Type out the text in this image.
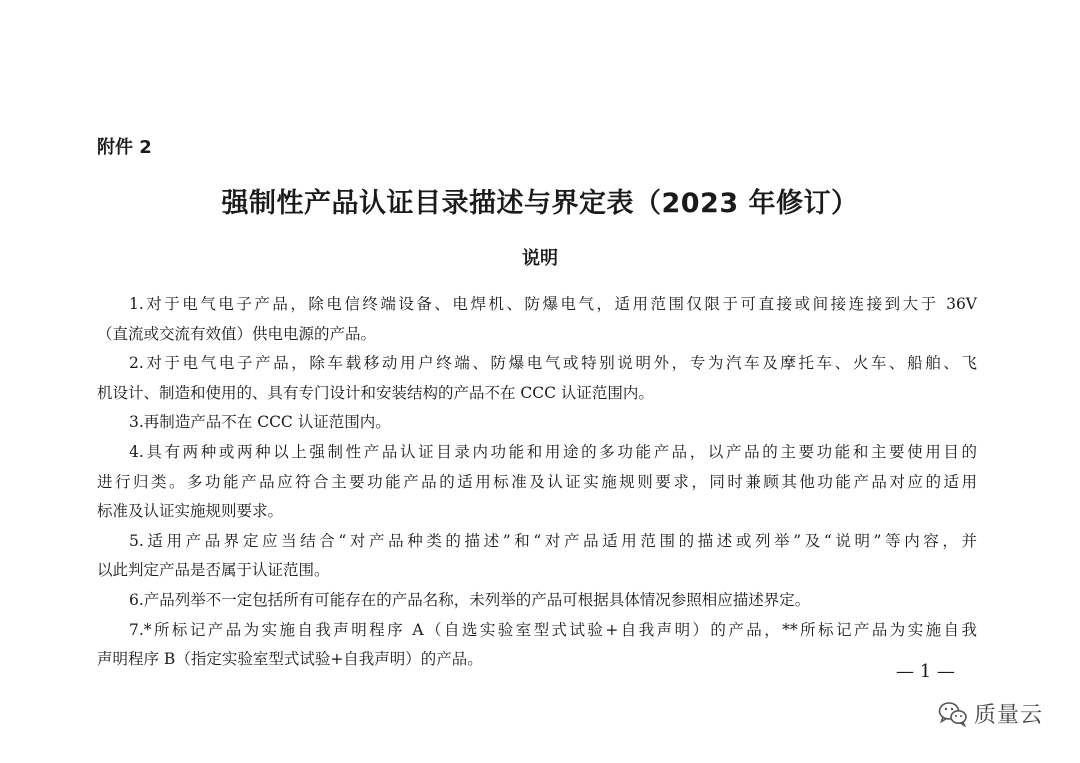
附件 2
强制性产品认证目录描述与界定表（2023 年修订）
说明
1.对于电气电子产品，除电信终端设备、电焊机、防爆电气，适用范围仅限于可直接或间接连接到大于 36V
（直流或交流有效值）供电电源的产品。
2.对于电气电子产品，除车载移动用户终端、防爆电气或特别说明外，专为汽车及摩托车、火车、船舶、飞
机设计、制造和使用的、具有专门设计和安装结构的产品不在 CCC 认证范围内。
3.再制造产品不在 CCC 认证范围内。
4.具有两种或两种以上强制性产品认证目录内功能和用途的多功能产品，以产品的主要功能和主要使用目的
进行归类。多功能产品应符合主要功能产品的适用标准及认证实施规则要求，同时兼顾其他功能产品对应的适用
标准及认证实施规则要求。
5.适用产品界定应当结合“对产品种类的描述”和“对产品适用范围的描述或列举”及“说明”等内容，并
以此判定产品是否属于认证范围。
6.产品列举不一定包括所有可能存在的产品名称，未列举的产品可根据具体情况参照相应描述界定。
7.*所标记产品为实施自我声明程序 A（自选实验室型式试验+自我声明）的产品，**所标记产品为实施自我
声明程序 B（指定实验室型式试验+自我声明）的产品。
— 1 —
质量云
